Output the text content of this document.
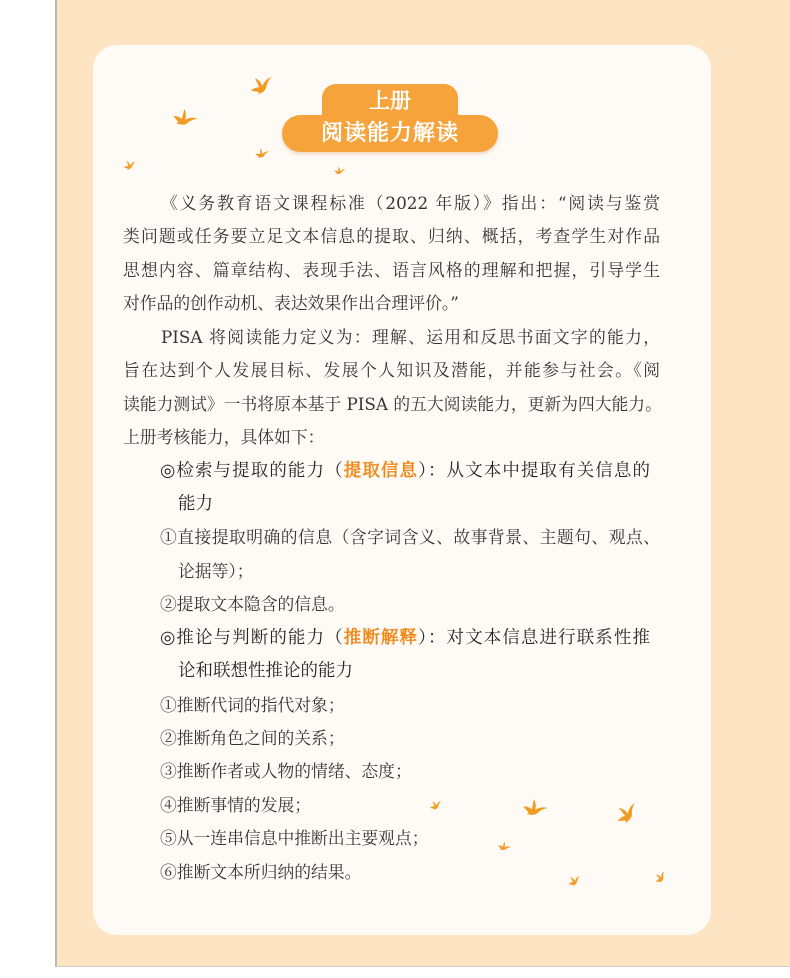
上册
阅读能力解读
《义务教育语文课程标准（2022 年版）》指出：“阅读与鉴赏
类问题或任务要立足文本信息的提取、归纳、概括，考查学生对作品
思想内容、篇章结构、表现手法、语言风格的理解和把握，引导学生
对作品的创作动机、表达效果作出合理评价。”
PISA 将阅读能力定义为：理解、运用和反思书面文字的能力，
旨在达到个人发展目标、发展个人知识及潜能，并能参与社会。《阅
读能力测试》一书将原本基于 PISA 的五大阅读能力，更新为四大能力。
上册考核能力，具体如下：
◎检索与提取的能力（提取信息）：从文本中提取有关信息的
能力
①直接提取明确的信息（含字词含义、故事背景、主题句、观点、
论据等）；
②提取文本隐含的信息。
◎推论与判断的能力（推断解释）：对文本信息进行联系性推
论和联想性推论的能力
①推断代词的指代对象；
②推断角色之间的关系；
③推断作者或人物的情绪、态度；
④推断事情的发展；
⑤从一连串信息中推断出主要观点；
⑥推断文本所归纳的结果。
